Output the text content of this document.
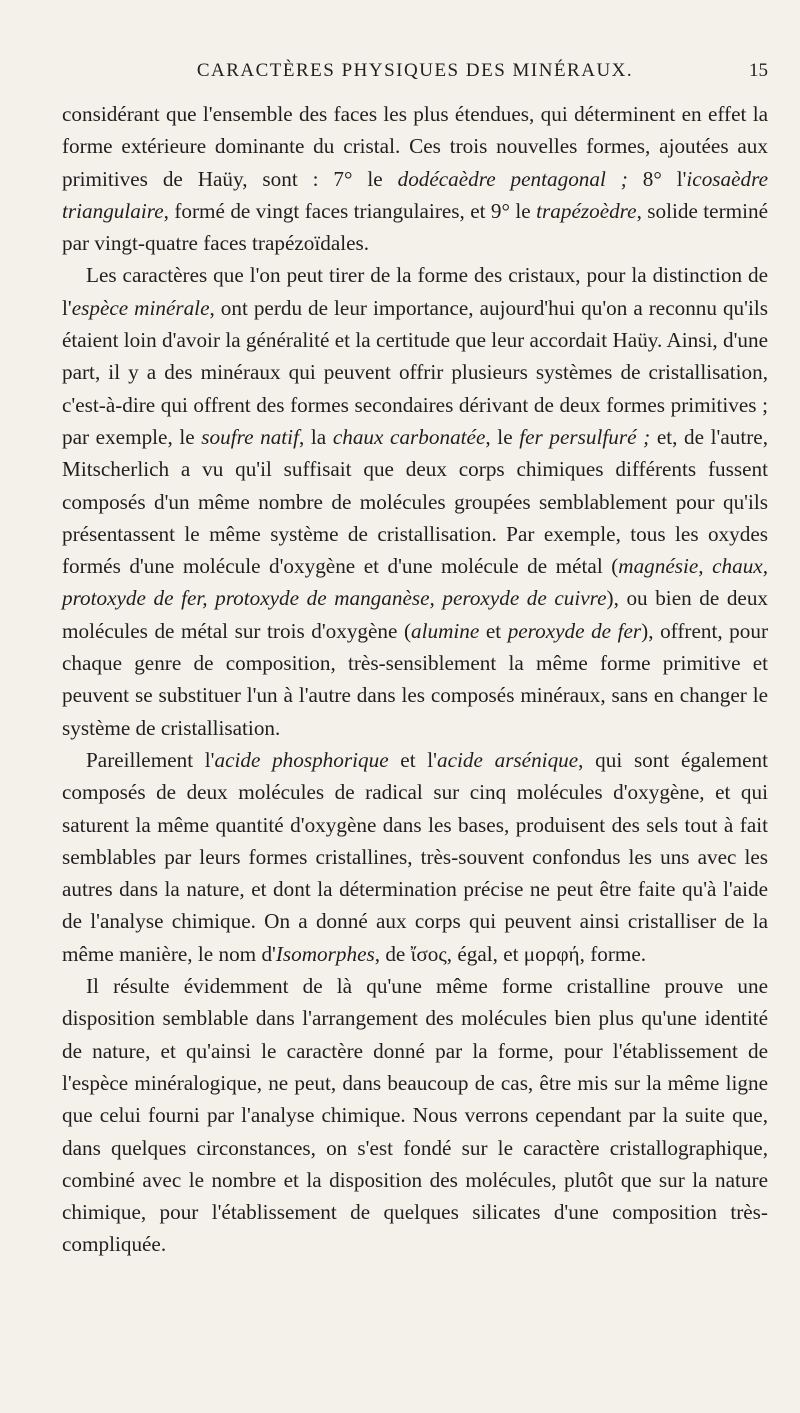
CARACTÈRES PHYSIQUES DES MINÉRAUX.	15

considérant que l'ensemble des faces les plus étendues, qui déterminent en effet la forme extérieure dominante du cristal. Ces trois nouvelles formes, ajoutées aux primitives de Haüy, sont : 7° le dodécaèdre pentagonal ; 8° l'icosaèdre triangulaire, formé de vingt faces triangulaires, et 9° le trapézoèdre, solide terminé par vingt-quatre faces trapézoïdales.

Les caractères que l'on peut tirer de la forme des cristaux, pour la distinction de l'espèce minérale, ont perdu de leur importance, aujourd'hui qu'on a reconnu qu'ils étaient loin d'avoir la généralité et la certitude que leur accordait Haüy. Ainsi, d'une part, il y a des minéraux qui peuvent offrir plusieurs systèmes de cristallisation, c'est-à-dire qui offrent des formes secondaires dérivant de deux formes primitives ; par exemple, le soufre natif, la chaux carbonatée, le fer persulfuré ; et, de l'autre, Mitscherlich a vu qu'il suffisait que deux corps chimiques différents fussent composés d'un même nombre de molécules groupées semblablement pour qu'ils présentassent le même système de cristallisation. Par exemple, tous les oxydes formés d'une molécule d'oxygène et d'une molécule de métal (magnésie, chaux, protoxyde de fer, protoxyde de manganèse, peroxyde de cuivre), ou bien de deux molécules de métal sur trois d'oxygène (alumine et peroxyde de fer), offrent, pour chaque genre de composition, très-sensiblement la même forme primitive et peuvent se substituer l'un à l'autre dans les composés minéraux, sans en changer le système de cristallisation.

Pareillement l'acide phosphorique et l'acide arsénique, qui sont également composés de deux molécules de radical sur cinq molécules d'oxygène, et qui saturent la même quantité d'oxygène dans les bases, produisent des sels tout à fait semblables par leurs formes cristallines, très-souvent confondus les uns avec les autres dans la nature, et dont la détermination précise ne peut être faite qu'à l'aide de l'analyse chimique. On a donné aux corps qui peuvent ainsi cristalliser de la même manière, le nom d'Isomorphes, de ἴσος, égal, et μορφή, forme.

Il résulte évidemment de là qu'une même forme cristalline prouve une disposition semblable dans l'arrangement des molécules bien plus qu'une identité de nature, et qu'ainsi le caractère donné par la forme, pour l'établissement de l'espèce minéralogique, ne peut, dans beaucoup de cas, être mis sur la même ligne que celui fourni par l'analyse chimique. Nous verrons cependant par la suite que, dans quelques circonstances, on s'est fondé sur le caractère cristallographique, combiné avec le nombre et la disposition des molécules, plutôt que sur la nature chimique, pour l'établissement de quelques silicates d'une composition très-compliquée.
